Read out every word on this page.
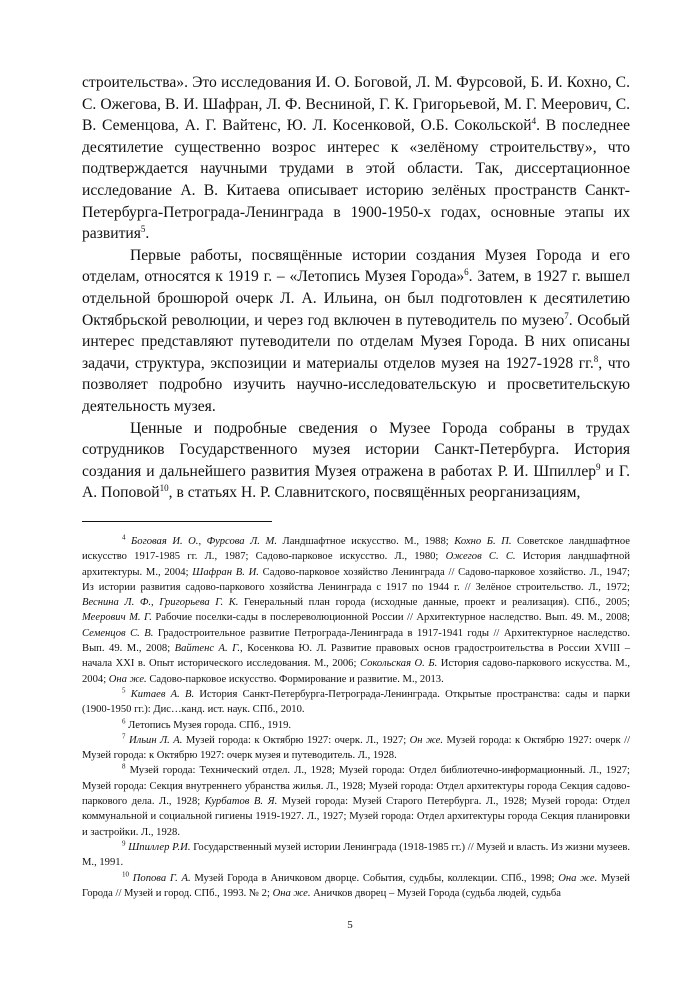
строительства». Это исследования И. О. Боговой, Л. М. Фурсовой, Б. И. Кохно, С. С. Ожегова, В. И. Шафран, Л. Ф. Весниной, Г. К. Григорьевой, М. Г. Меерович, С. В. Семенцова, А. Г. Вайтенс, Ю. Л. Косенковой, О.Б. Сокольской$^4$. В последнее десятилетие существенно возрос интерес к «зелёному строительству», что подтверждается научными трудами в этой области. Так, диссертационное исследование А. В. Китаева описывает историю зелёных пространств Санкт-Петербурга-Петрограда-Ленинграда в 1900-1950-х годах, основные этапы их развития$^5$.

Первые работы, посвящённые истории создания Музея Города и его отделам, относятся к 1919 г. – «Летопись Музея Города»$^6$. Затем, в 1927 г. вышел отдельной брошюрой очерк Л. А. Ильина, он был подготовлен к десятилетию Октябрьской революции, и через год включен в путеводитель по музею$^7$. Особый интерес представляют путеводители по отделам Музея Города. В них описаны задачи, структура, экспозиции и материалы отделов музея на 1927-1928 гг.$^8$, что позволяет подробно изучить научно-исследовательскую и просветительскую деятельность музея.

Ценные и подробные сведения о Музее Города собраны в трудах сотрудников Государственного музея истории Санкт-Петербурга. История создания и дальнейшего развития Музея отражена в работах Р. И. Шпиллер$^9$ и Г. А. Поповой$^{10}$, в статьях Н. Р. Славнитского, посвящённых реорганизациям,

$^4$ Боговая И. О., Фурсова Л. М. Ландшафтное искусство. М., 1988; Кохно Б. П. Советское ландшафтное искусство 1917-1985 гг. Л., 1987; Садово-парковое искусство. Л., 1980; Ожегов С. С. История ландшафтной архитектуры. М., 2004; Шафран В. И. Садово-парковое хозяйство Ленинграда // Садово-парковое хозяйство. Л., 1947; Из истории развития садово-паркового хозяйства Ленинграда с 1917 по 1944 г. // Зелёное строительство. Л., 1972; Веснина Л. Ф., Григорьева Г. К. Генеральный план города (исходные данные, проект и реализация). СПб., 2005; Меерович М. Г. Рабочие поселки-сады в послереволюционной России // Архитектурное наследство. Вып. 49. М., 2008; Семенцов С. В. Градостроительное развитие Петрограда-Ленинграда в 1917-1941 годы // Архитектурное наследство. Вып. 49. М., 2008; Вайтенс А. Г., Косенкова Ю. Л. Развитие правовых основ градостроительства в России XVIII – начала XXI в. Опыт исторического исследования. М., 2006; Сокольская О. Б. История садово-паркового искусства. М., 2004; Она же. Садово-парковое искусство. Формирование и развитие. М., 2013.

$^5$ Китаев А. В. История Санкт-Петербурга-Петрограда-Ленинграда. Открытые пространства: сады и парки (1900-1950 гг.): Дис…канд. ист. наук. СПб., 2010.

$^6$ Летопись Музея города. СПб., 1919.

$^7$ Ильин Л. А. Музей города: к Октябрю 1927: очерк. Л., 1927; Он же. Музей города: к Октябрю 1927: очерк // Музей города: к Октябрю 1927: очерк музея и путеводитель. Л., 1928.

$^8$ Музей города: Технический отдел. Л., 1928; Музей города: Отдел библиотечно-информационный. Л., 1927; Музей города: Секция внутреннего убранства жилья. Л., 1928; Музей города: Отдел архитектуры города Секция садово-паркового дела. Л., 1928; Курбатов В. Я. Музей города: Музей Старого Петербурга. Л., 1928; Музей города: Отдел коммунальной и социальной гигиены 1919-1927. Л., 1927; Музей города: Отдел архитектуры города Секция планировки и застройки. Л., 1928.

$^9$ Шпиллер Р.И. Государственный музей истории Ленинграда (1918-1985 гг.) // Музей и власть. Из жизни музеев. М., 1991.

$^{10}$ Попова Г. А. Музей Города в Аничковом дворце. События, судьбы, коллекции. СПб., 1998; Она же. Музей Города // Музей и город. СПб., 1993. № 2; Она же. Аничков дворец – Музей Города (судьба людей, судьба

5
